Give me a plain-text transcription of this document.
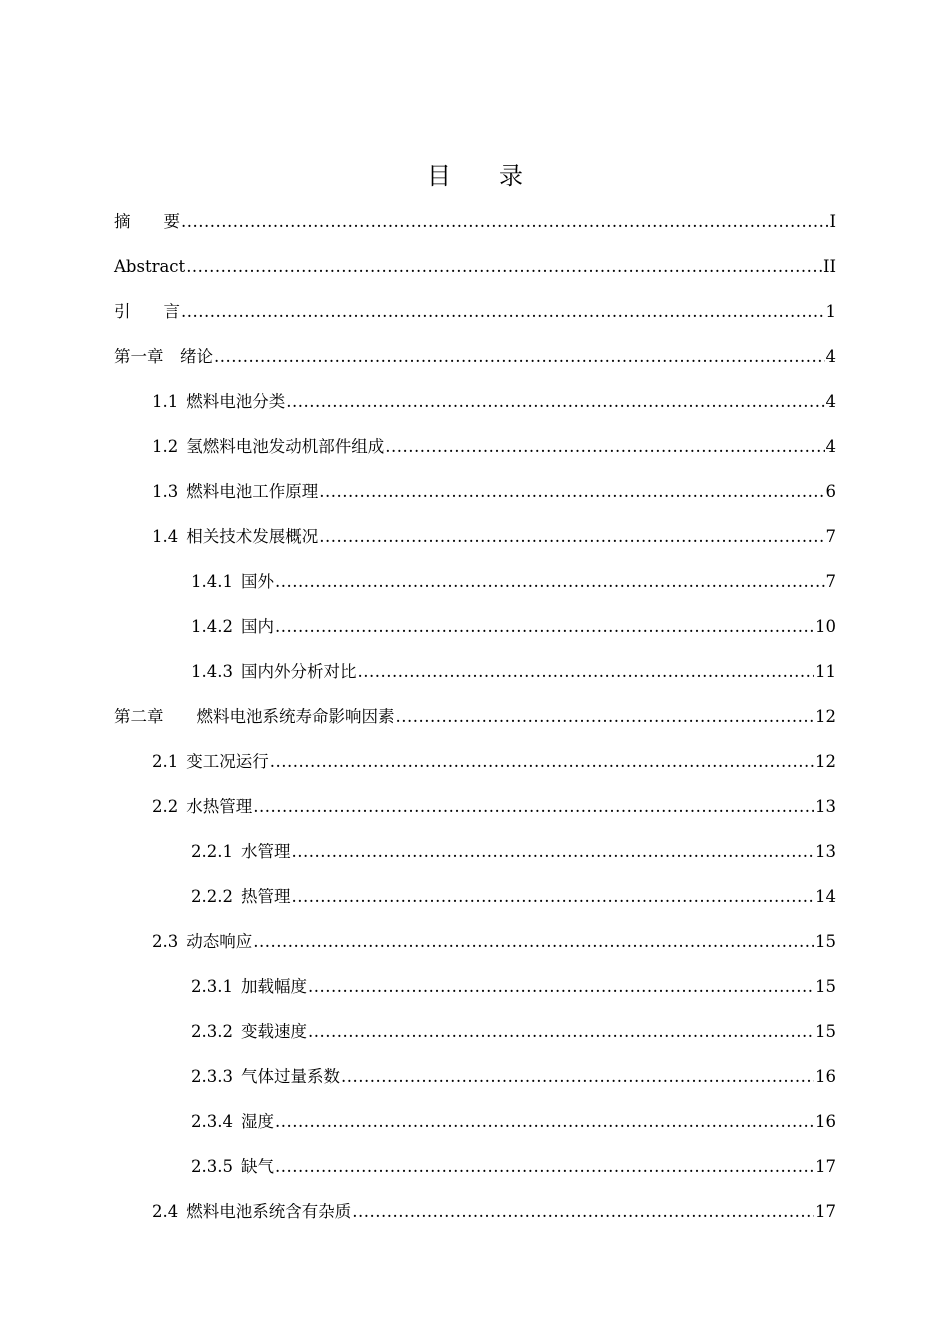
目 录
摘　　要 .....	I
Abstract .....	II
引　　言 .....	1
第一章 　绪论 .....	4
1.1 燃料电池分类 .....	4
1.2 氢燃料电池发动机部件组成 .....	4
1.3 燃料电池工作原理 .....	6
1.4 相关技术发展概况 .....	7
1.4.1 国外 .....	7
1.4.2 国内 .....	10
1.4.3 国内外分析对比 .....	11
第二章 　　燃料电池系统寿命影响因素 .....	12
2.1 变工况运行 .....	12
2.2 水热管理 .....	13
2.2.1 水管理 .....	13
2.2.2 热管理 .....	14
2.3 动态响应 .....	15
2.3.1 加载幅度 .....	15
2.3.2 变载速度 .....	15
2.3.3 气体过量系数 .....	16
2.3.4 湿度 .....	16
2.3.5 缺气 .....	17
2.4 燃料电池系统含有杂质 .....	17
